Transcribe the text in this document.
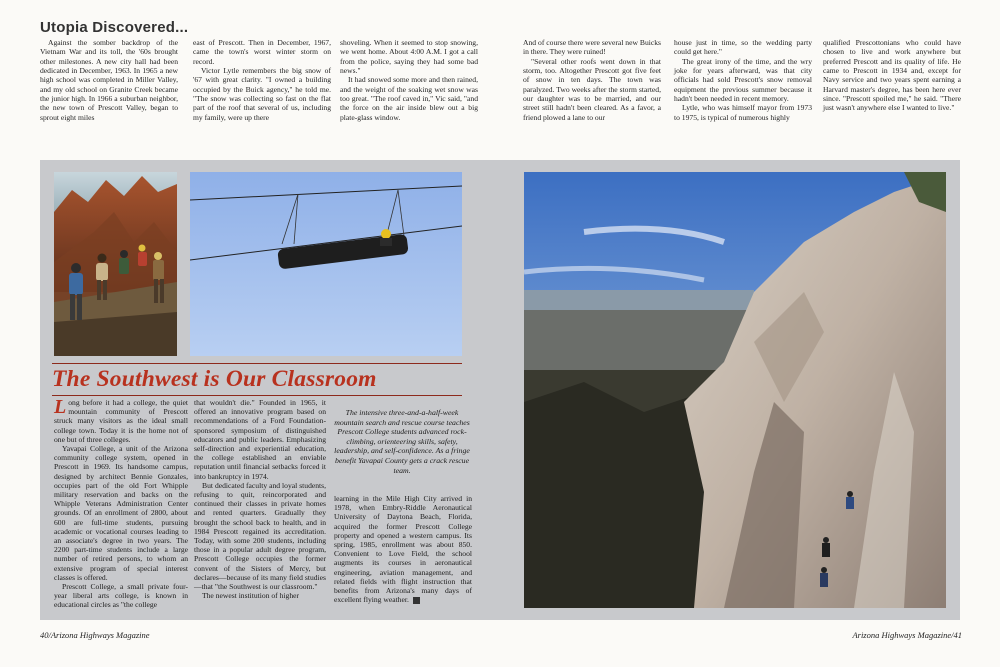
Utopia Discovered...

Against the somber backdrop of the Vietnam War and its toll, the '60s brought other milestones. A new city hall had been dedicated in December, 1963. In 1965 a new high school was completed in Miller Valley, and my old school on Granite Creek became the junior high. In 1966 a suburban neighbor, the new town of Prescott Valley, began to sprout eight miles

east of Prescott. Then in December, 1967, came the town's worst winter storm on record.

Victor Lytle remembers the big snow of '67 with great clarity. "I owned a building occupied by the Buick agency," he told me. "The snow was collecting so fast on the flat part of the roof that several of us, including my family, were up there

shoveling. When it seemed to stop snowing, we went home. About 4:00 A.M. I got a call from the police, saying they had some bad news."

It had snowed some more and then rained, and the weight of the soaking wet snow was too great. "The roof caved in," Vic said, "and the force on the air inside blew out a big plate-glass window.

And of course there were several new Buicks in there. They were ruined!

"Several other roofs went down in that storm, too. Altogether Prescott got five feet of snow in ten days. The town was paralyzed. Two weeks after the storm started, our daughter was to be married, and our street still hadn't been cleared. As a favor, a friend plowed a lane to our

house just in time, so the wedding party could get here."

The great irony of the time, and the wry joke for years afterward, was that city officials had sold Prescott's snow removal equipment the previous summer because it hadn't been needed in recent memory.

Lytle, who was himself mayor from 1973 to 1975, is typical of numerous highly

qualified Prescottonians who could have chosen to live and work anywhere but preferred Prescott and its quality of life. He came to Prescott in 1934 and, except for Navy service and two years spent earning a Harvard master's degree, has been here ever since. "Prescott spoiled me," he said. "There just wasn't anywhere else I wanted to live."

The Southwest is Our Classroom

Long before it had a college, the quiet mountain community of Prescott struck many visitors as the ideal small college town. Today it is the home not of one but of three colleges.

Yavapai College, a unit of the Arizona community college system, opened in Prescott in 1969. Its handsome campus, designed by architect Bennie Gonzales, occupies part of the old Fort Whipple military reservation and backs on the Whipple Veterans Administration Center grounds. Of an enrollment of 2800, about 600 are full-time students, pursuing academic or vocational courses leading to an associate's degree in two years. The 2200 part-time students include a large number of retired persons, to whom an extensive program of special interest classes is offered.

Prescott College, a small private four-year liberal arts college, is known in educational circles as "the college

that wouldn't die." Founded in 1965, it offered an innovative program based on recommendations of a Ford Foundation-sponsored symposium of distinguished educators and public leaders. Emphasizing self-direction and experiential education, the college established an enviable reputation until financial setbacks forced it into bankruptcy in 1974.

But dedicated faculty and loyal students, refusing to quit, reincorporated and continued their classes in private homes and rented quarters. Gradually they brought the school back to health, and in 1984 Prescott regained its accreditation. Today, with some 200 students, including those in a popular adult degree program, Prescott College occupies the former convent of the Sisters of Mercy, but declares—because of its many field studies—that "the Southwest is our classroom."

The newest institution of higher

The intensive three-and-a-half-week mountain search and rescue course teaches Prescott College students advanced rock-climbing, orienteering skills, safety, leadership, and self-confidence. As a fringe benefit Yavapai County gets a crack rescue team.

learning in the Mile High City arrived in 1978, when Embry-Riddle Aeronautical University of Daytona Beach, Florida, acquired the former Prescott College property and opened a western campus. Its spring, 1985, enrollment was about 850. Convenient to Love Field, the school augments its courses in aeronautical engineering, aviation management, and related fields with flight instruction that benefits from Arizona's many days of excellent flying weather.

40/Arizona Highways Magazine	Arizona Highways Magazine/41
